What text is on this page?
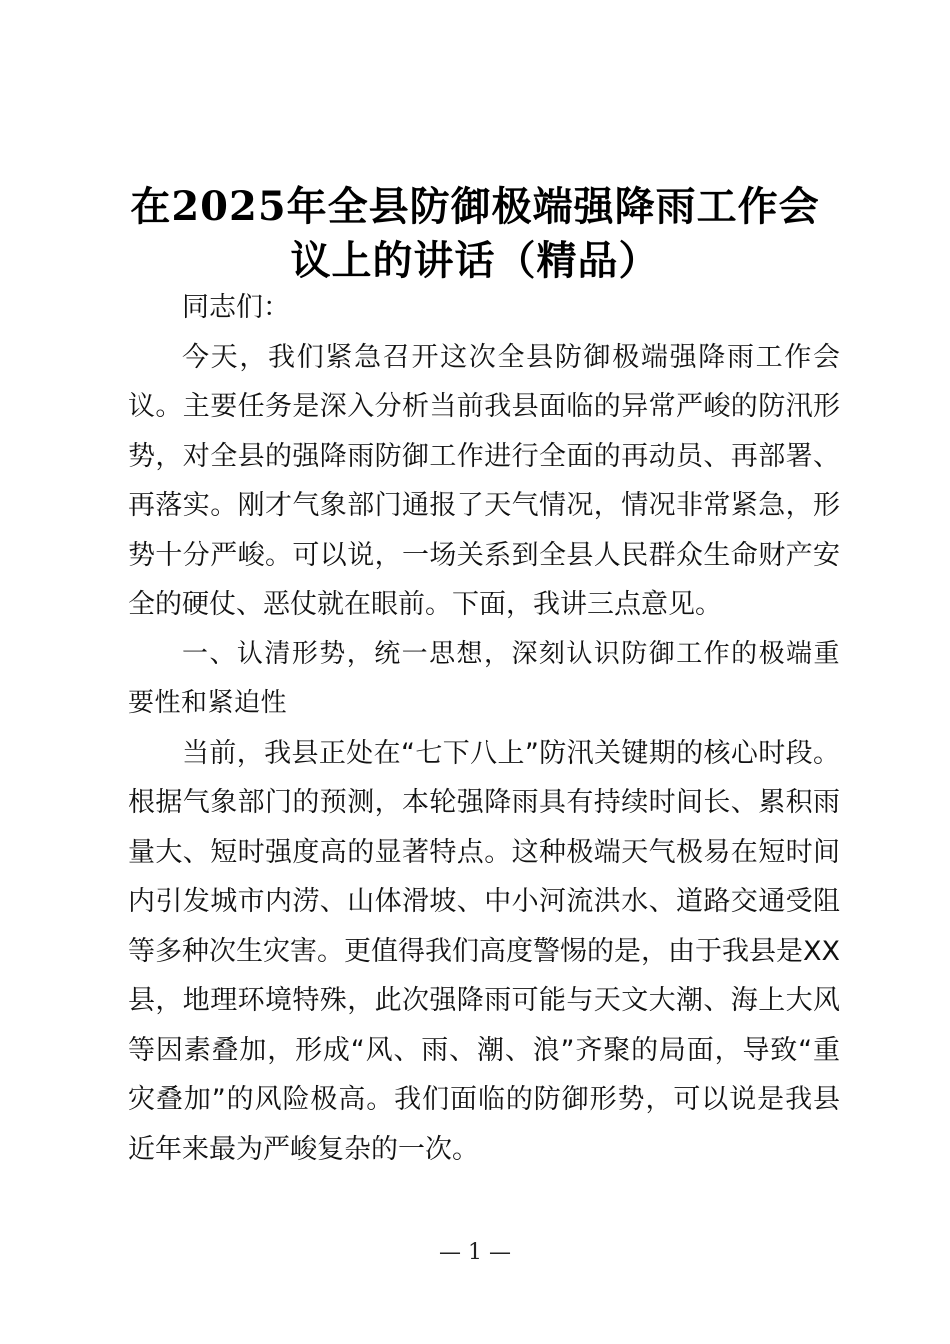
在2025年全县防御极端强降雨工作会
议上的讲话（精品）

同志们：

今天，我们紧急召开这次全县防御极端强降雨工作会议。主要任务是深入分析当前我县面临的异常严峻的防汛形势，对全县的强降雨防御工作进行全面的再动员、再部署、再落实。刚才气象部门通报了天气情况，情况非常紧急，形势十分严峻。可以说，一场关系到全县人民群众生命财产安全的硬仗、恶仗就在眼前。下面，我讲三点意见。

一、认清形势，统一思想，深刻认识防御工作的极端重要性和紧迫性

当前，我县正处在“七下八上”防汛关键期的核心时段。根据气象部门的预测，本轮强降雨具有持续时间长、累积雨量大、短时强度高的显著特点。这种极端天气极易在短时间内引发城市内涝、山体滑坡、中小河流洪水、道路交通受阻等多种次生灾害。更值得我们高度警惕的是，由于我县是XX县，地理环境特殊，此次强降雨可能与天文大潮、海上大风等因素叠加，形成“风、雨、潮、浪”齐聚的局面，导致“重灾叠加”的风险极高。我们面临的防御形势，可以说是我县近年来最为严峻复杂的一次。

— 1 —
